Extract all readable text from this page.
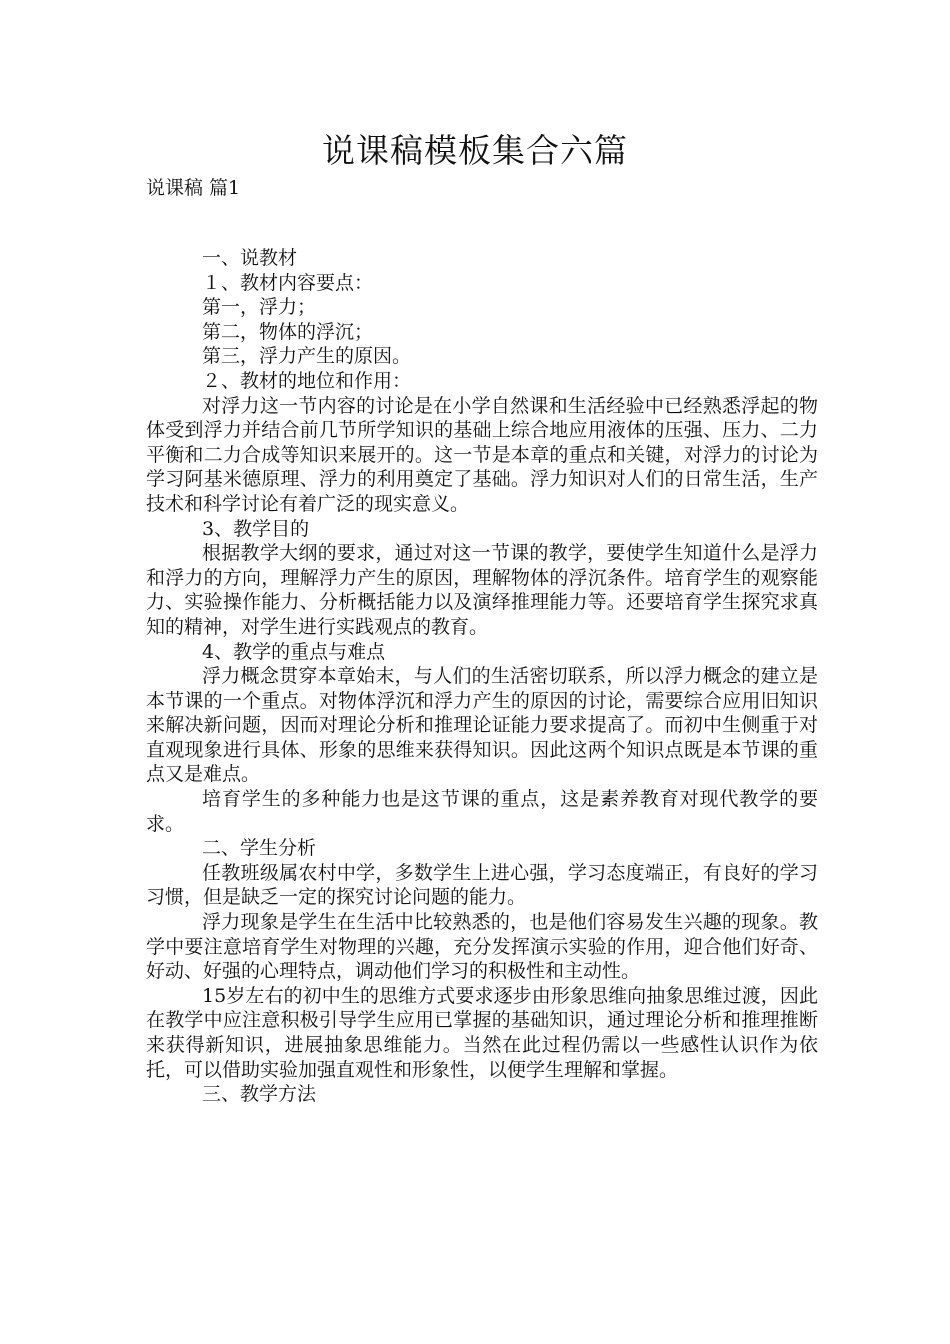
说课稿模板集合六篇
说课稿 篇1

一、说教材

１、教材内容要点：

第一，浮力；

第二，物体的浮沉；

第三，浮力产生的原因。

２、教材的地位和作用：

对浮力这一节内容的讨论是在小学自然课和生活经验中已经熟悉浮起的物体受到浮力并结合前几节所学知识的基础上综合地应用液体的压强、压力、二力平衡和二力合成等知识来展开的。这一节是本章的重点和关键，对浮力的讨论为学习阿基米德原理、浮力的利用奠定了基础。浮力知识对人们的日常生活，生产技术和科学讨论有着广泛的现实意义。

3、教学目的

根据教学大纲的要求，通过对这一节课的教学，要使学生知道什么是浮力和浮力的方向，理解浮力产生的原因，理解物体的浮沉条件。培育学生的观察能力、实验操作能力、分析概括能力以及演绎推理能力等。还要培育学生探究求真知的精神，对学生进行实践观点的教育。

4、教学的重点与难点

浮力概念贯穿本章始末，与人们的生活密切联系，所以浮力概念的建立是本节课的一个重点。对物体浮沉和浮力产生的原因的讨论，需要综合应用旧知识来解决新问题，因而对理论分析和推理论证能力要求提高了。而初中生侧重于对直观现象进行具体、形象的思维来获得知识。因此这两个知识点既是本节课的重点又是难点。

培育学生的多种能力也是这节课的重点，这是素养教育对现代教学的要求。

二、学生分析

任教班级属农村中学，多数学生上进心强，学习态度端正，有良好的学习习惯，但是缺乏一定的探究讨论问题的能力。

浮力现象是学生在生活中比较熟悉的，也是他们容易发生兴趣的现象。教学中要注意培育学生对物理的兴趣，充分发挥演示实验的作用，迎合他们好奇、好动、好强的心理特点，调动他们学习的积极性和主动性。

15岁左右的初中生的思维方式要求逐步由形象思维向抽象思维过渡，因此在教学中应注意积极引导学生应用已掌握的基础知识，通过理论分析和推理推断来获得新知识，进展抽象思维能力。当然在此过程仍需以一些感性认识作为依托，可以借助实验加强直观性和形象性，以便学生理解和掌握。

三、教学方法
